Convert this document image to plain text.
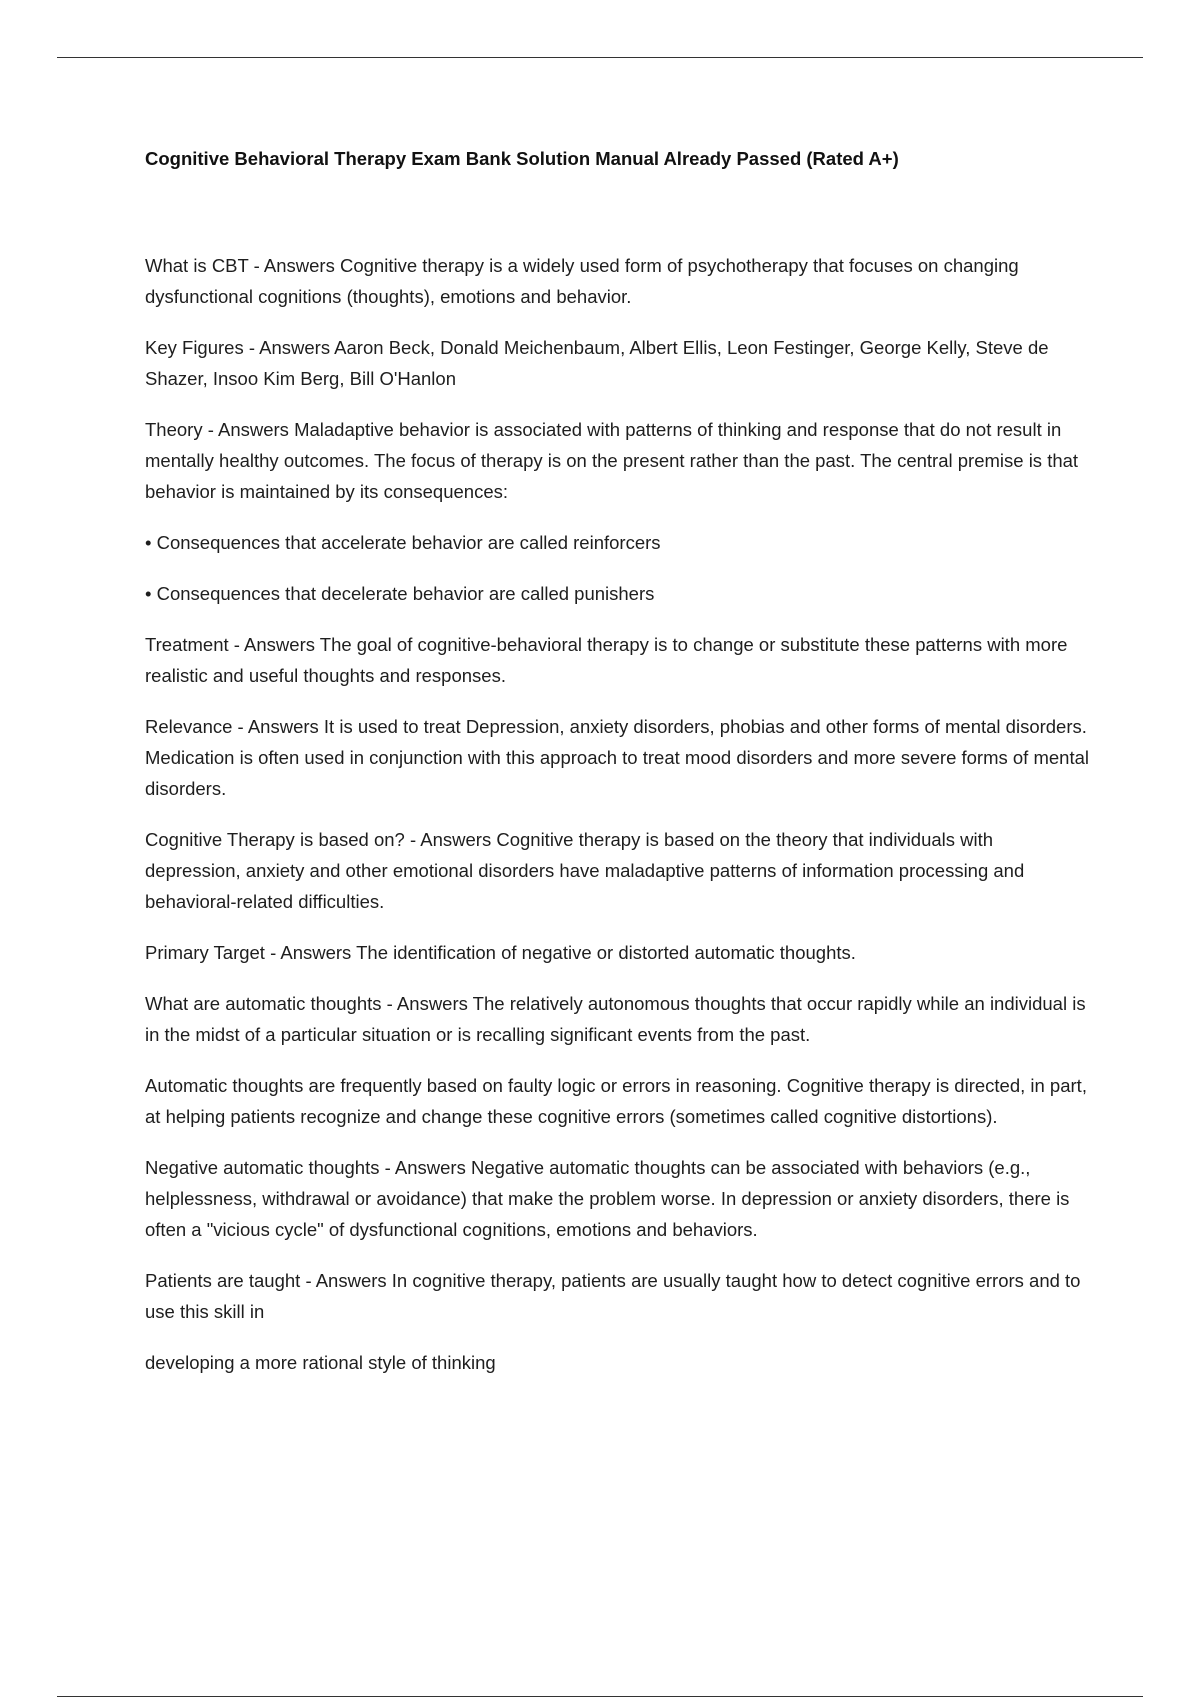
Cognitive Behavioral Therapy Exam Bank Solution Manual Already Passed (Rated A+)

What is CBT - Answers Cognitive therapy is a widely used form of psychotherapy that focuses on changing dysfunctional cognitions (thoughts), emotions and behavior.

Key Figures - Answers Aaron Beck, Donald Meichenbaum, Albert Ellis, Leon Festinger, George Kelly, Steve de Shazer, Insoo Kim Berg, Bill O'Hanlon

Theory - Answers Maladaptive behavior is associated with patterns of thinking and response that do not result in mentally healthy outcomes. The focus of therapy is on the present rather than the past. The central premise is that behavior is maintained by its consequences:

• Consequences that accelerate behavior are called reinforcers

• Consequences that decelerate behavior are called punishers

Treatment - Answers The goal of cognitive-behavioral therapy is to change or substitute these patterns with more realistic and useful thoughts and responses.

Relevance - Answers It is used to treat Depression, anxiety disorders, phobias and other forms of mental disorders. Medication is often used in conjunction with this approach to treat mood disorders and more severe forms of mental disorders.

Cognitive Therapy is based on? - Answers Cognitive therapy is based on the theory that individuals with depression, anxiety and other emotional disorders have maladaptive patterns of information processing and behavioral-related difficulties.

Primary Target - Answers The identification of negative or distorted automatic thoughts.

What are automatic thoughts - Answers The relatively autonomous thoughts that occur rapidly while an individual is in the midst of a particular situation or is recalling significant events from the past.

Automatic thoughts are frequently based on faulty logic or errors in reasoning. Cognitive therapy is directed, in part, at helping patients recognize and change these cognitive errors (sometimes called cognitive distortions).

Negative automatic thoughts - Answers Negative automatic thoughts can be associated with behaviors (e.g., helplessness, withdrawal or avoidance) that make the problem worse. In depression or anxiety disorders, there is often a "vicious cycle" of dysfunctional cognitions, emotions and behaviors.

Patients are taught - Answers In cognitive therapy, patients are usually taught how to detect cognitive errors and to use this skill in

developing a more rational style of thinking
